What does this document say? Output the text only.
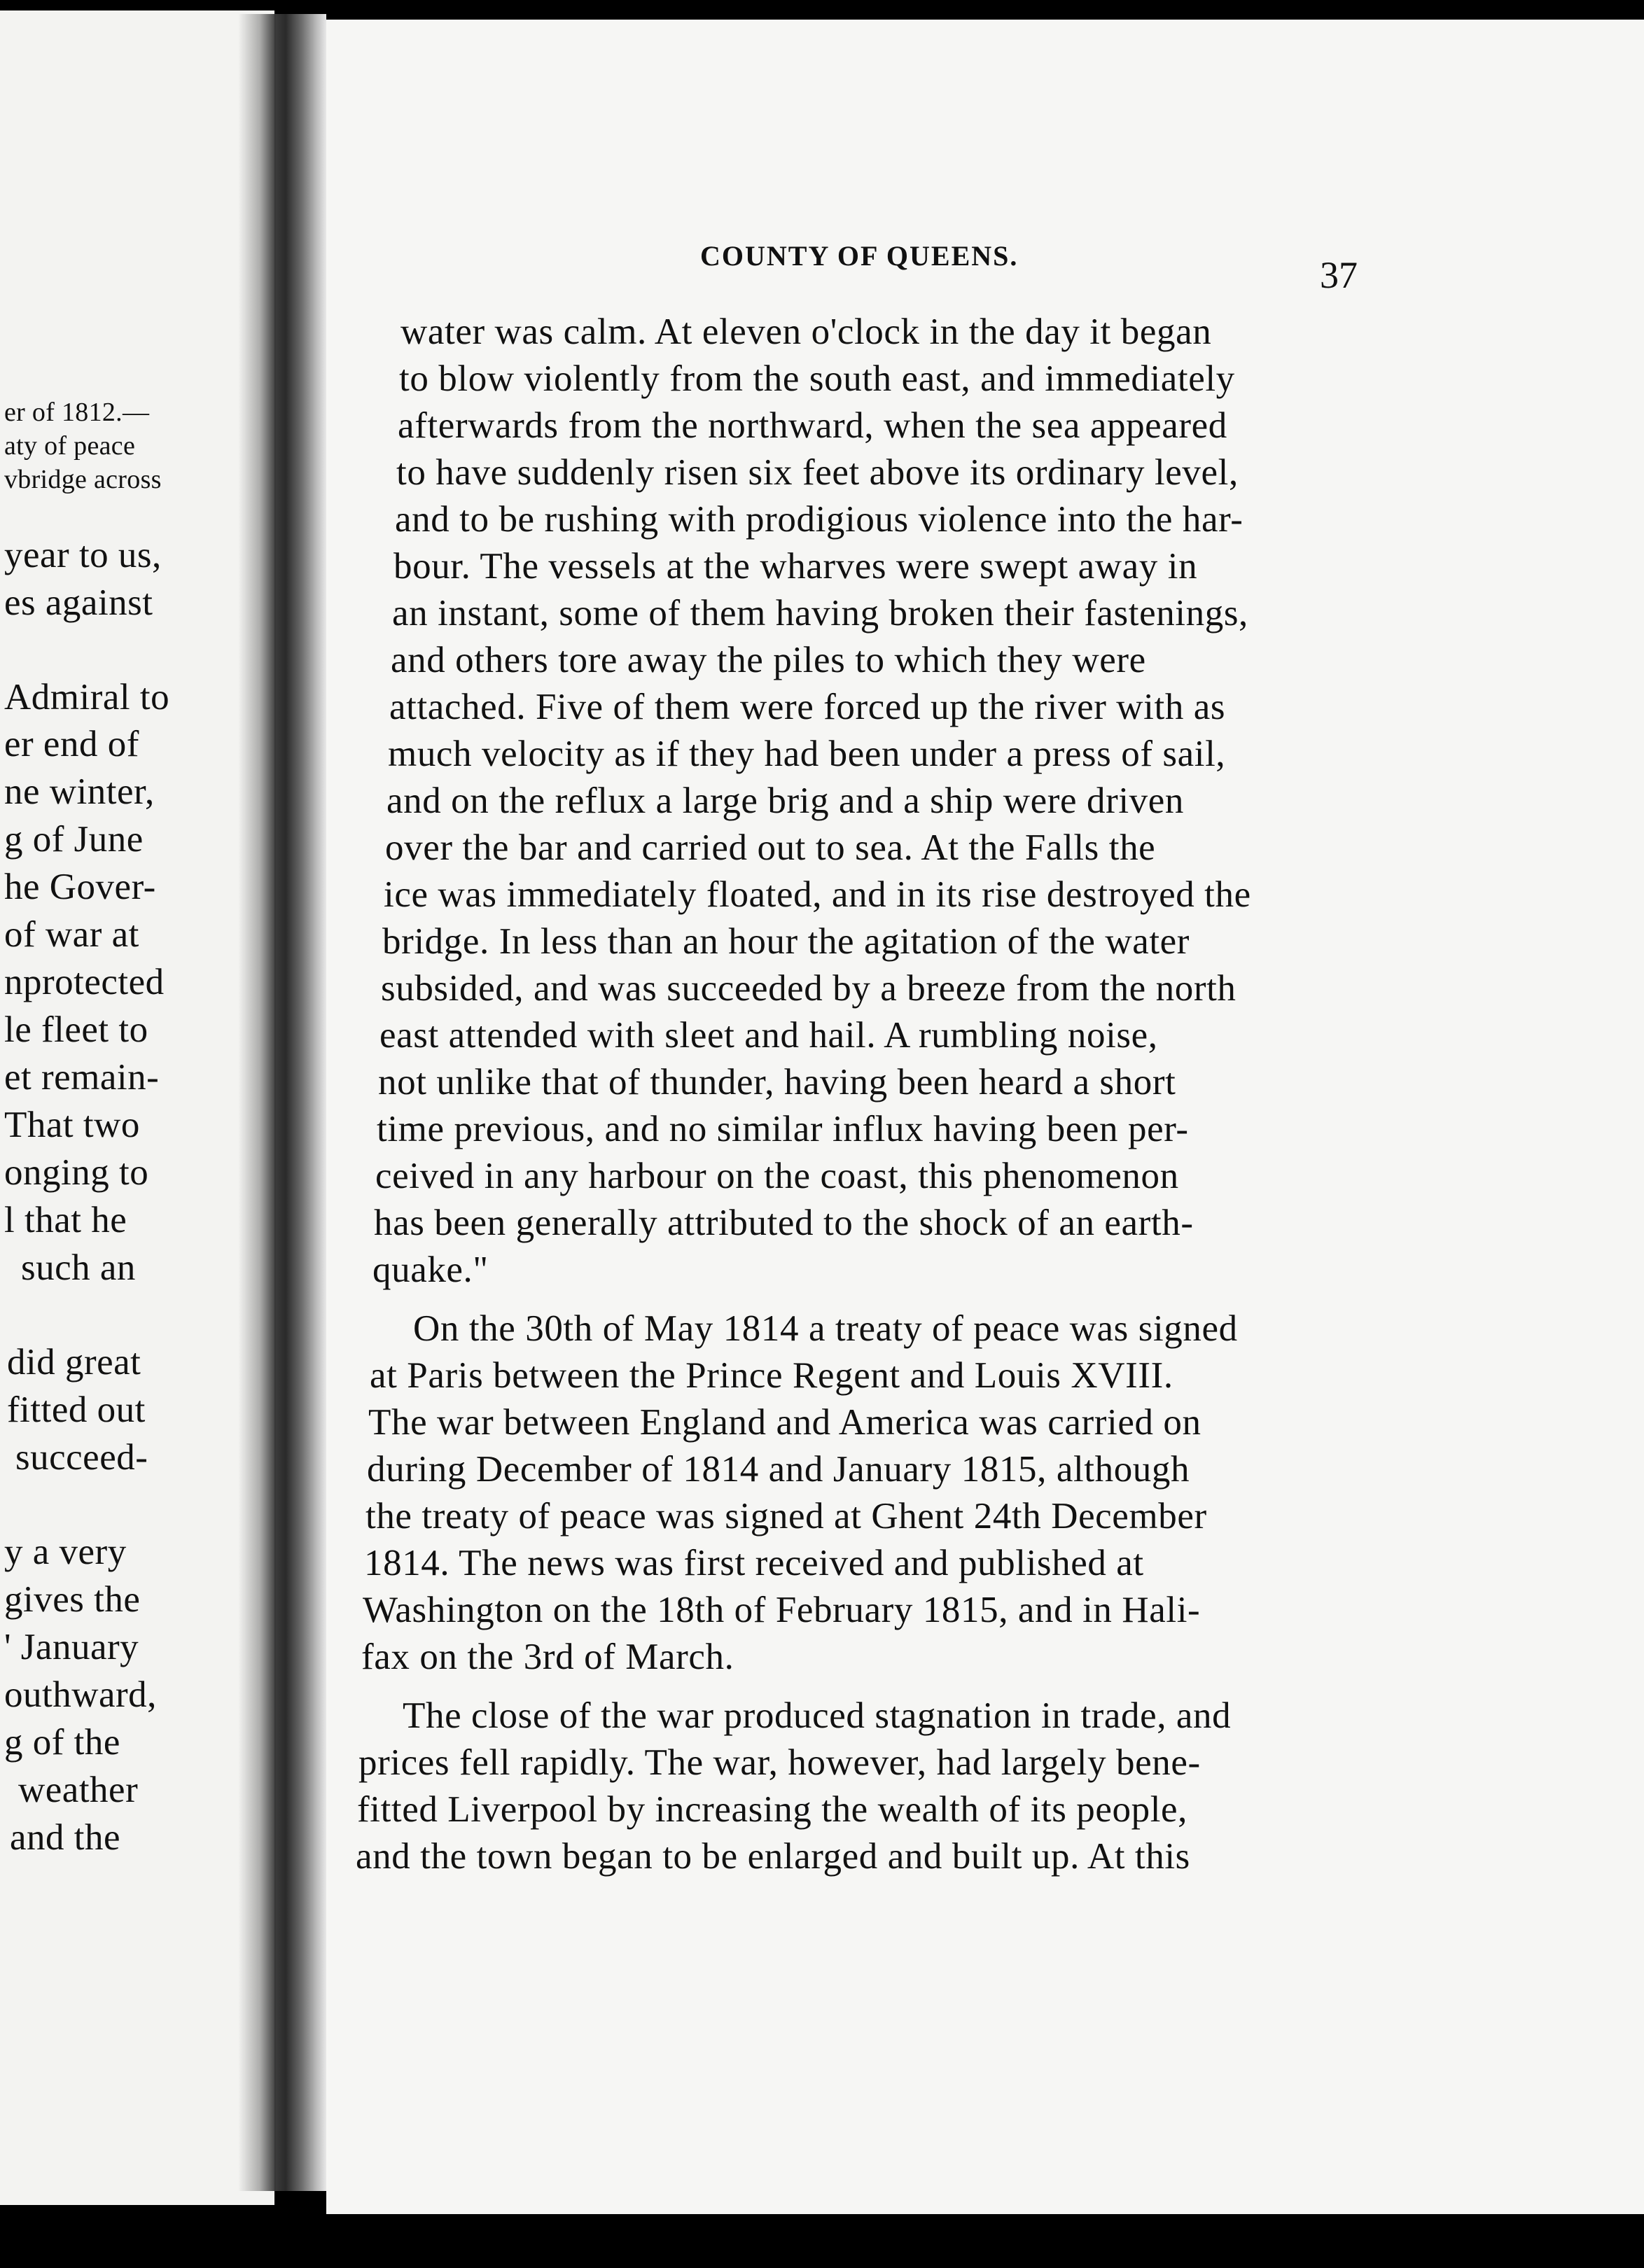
er of 1812.—
aty of peace
vbridge across
year to us,
es against
Admiral to
er end of
ne winter,
g of June
he Gover-
of war at
nprotected
le fleet to
et remain-
That two
onging to
l that he
such an
did great
fitted out
succeed-
y a very
gives the
' January
outhward,
g of the
weather
and the
COUNTY OF QUEENS.	37
water was calm. At eleven o'clock in the day it began
to blow violently from the south east, and immediately
afterwards from the northward, when the sea appeared
to have suddenly risen six feet above its ordinary level,
and to be rushing with prodigious violence into the har-
bour. The vessels at the wharves were swept away in
an instant, some of them having broken their fastenings,
and others tore away the piles to which they were
attached. Five of them were forced up the river with as
much velocity as if they had been under a press of sail,
and on the reflux a large brig and a ship were driven
over the bar and carried out to sea. At the Falls the
ice was immediately floated, and in its rise destroyed the
bridge. In less than an hour the agitation of the water
subsided, and was succeeded by a breeze from the north
east attended with sleet and hail. A rumbling noise,
not unlike that of thunder, having been heard a short
time previous, and no similar influx having been per-
ceived in any harbour on the coast, this phenomenon
has been generally attributed to the shock of an earth-
quake."
On the 30th of May 1814 a treaty of peace was signed
at Paris between the Prince Regent and Louis XVIII.
The war between England and America was carried on
during December of 1814 and January 1815, although
the treaty of peace was signed at Ghent 24th December
1814. The news was first received and published at
Washington on the 18th of February 1815, and in Hali-
fax on the 3rd of March.
The close of the war produced stagnation in trade, and
prices fell rapidly. The war, however, had largely bene-
fitted Liverpool by increasing the wealth of its people,
and the town began to be enlarged and built up. At this
